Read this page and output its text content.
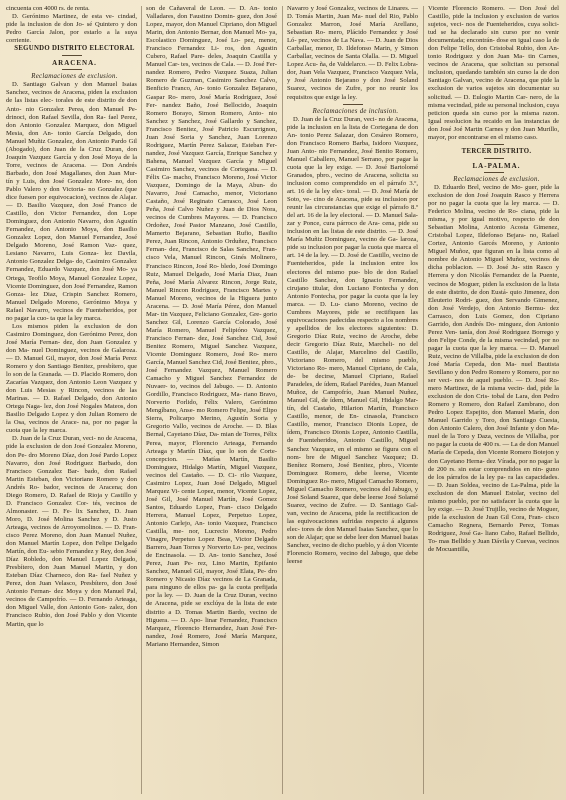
cincuenta con 4000 rs. de renta.

D. Gerónimo Martinez, de esta ve- cindad, pide la inclusion de don Jo- sé Quintero y don Pedro García Jalon, por estarlo a la suya corriente.

SEGUNDO DISTRITO ELECTORAL

ARACENA.

Reclamaciones de exclusion.

D. Santiago Galvan y don Manuel Isaias Sanchez, vecinos de Aracena, piden la exclusion de las listas elec- torales de este distrito de don Anto- nio Gonzalez Perea, don Manuel Pe- drinoci, don Rafael Sevilla, don Ra- fael Perez, don Antonio Gonzalez Marquez, don Miguel Mesia, don An- tonio García Delgado, don Manuel Muñiz Gonzalez, don Antonio Pardo Gil (Abogado), don Juan de la Cruz Duran, don Joaquin Vazquez García y don José Moya de la Torre, vecinos de Aracena. — Don Andrés Barbado, don José Magallanes, don Juan Mur- tín y Luis, don José Gonzalez More- no, don Pablo Valero y don Victoria- no Gonzalez (que dice fuesen por equivocacion), vecinos de Alajar. — D. Basilio Vazquez, don José Franco de Castillo, don Victor Fernandez, don Lope Dominguez, don Antonio Navarro, don Agustín Fernandez, don Antonio Moya, don Basilio Gonzalez Lopez, don Manuel Fernandez, José Delgado Moreno, José Ramon Vaz- quez, Lesiano Navarro, Luis Gonza- lez Davila, Antonio Gonzalez Delga- do, Casimiro Gonzalez Fernandez, Eduardo Vazquez, don José Mo- ya Ortega, Teofilo Moya, Manuel Gonzalez Lopez, Vicente Dominguez, don José Fernandez, Ramon Gonza- lez Diaz, Crispin Sanchez Romero, Manuel Delgado Moreno, Gerónimo Moya y Rafael Navarro, vecinos de Fuenteheridos, por no pagar la cuo- ta que la ley marca.

Los mismos piden la exclusion de don Casimiro Dominguez, don Gerónimo Perez, don José María Fernan- dez, don Juan Gonzalez y don Ma- nuel Dominguez, vecinos de Galaroza. — D. Manuel Gil, mayor, don José María Perez Romero y don Santiago Benitez, presbítero, que lo son de la Granada. — D. Placido Romero, don Zacarías Vazquez, don Antonio Leon Vazquez y don Luis Mesias y Rincon, vecinos de las Marinas. — D. Rafael Delgado, don Antonio Ortega Naga- lez, don José Nogales Mateos, don Basilio Delgado Lopez y don Julian Romero de la Osa, vecinos de Arace- na, por no pagar la cuota que la ley marca.

D. Juan de la Cruz Duran, veci- no de Aracena, pide la exclusion de don José Gonzalez Moreno, don Pe- dro Moreno Díaz, don José Pardo Lopez Navarro, don José Rodriguez Barbado, don Francisco Gonzalez Bar- bado, don Rafael Martin Esteban, don Victoriano Romero y don Andrés Ro- bador, vecinos de Aracena; don Diego Romero, D. Rafael de Rioja y Castillo y D. Francisco Gonzalez Cor- tés, vecinos de Almonaster. — D. Fe- lix Sanchez, D. Juan Moro, D. José Molina Sanchez y D. Justo Arteaga, vecinos de Arroyomolinos. — D. Fran- cisco Perez Moreno, don Juan Manuel Nuñez, don Manuel Martín Lopez, don Felipe Delgado Martín, don Eu- sebio Fernandez y Rey, don José Díaz Robledo, don Manuel Lopez Delgado, Presbítero, don Juan Manuel Martin, y don Esteban Díaz Charneco, don Ra- fael Nuñez y Perez, don Juan Velasco, Presbítero, don José Antonio Fernan- dez Moya y don Manuel Pal, vecinos de Campofrío. — D. Fernando Arteaga, don Miguel Valle, don Antonio Gon- zalez, don Francisco Rubio, don José Pablo y don Vicente Martin, que lo

son de Cañaveral de Leon. — D. An- tonio Valladares, don Faustino Domin- guez, don José Lopez, mayor, don Manuel Cipriano, don Miguel Marin, don Antonio Bernar, don Manuel Mo- ya, Escolastico Dominguez, José Lo- pez, menor, Francisco Fernandez Li- ros, don Agustin Cubero, Rafael Pare- deles, Joaquin Castilla y Manuel Car- tes, vecinos de Cala. — D. José Fer- nandez Romero, Pedro Vazquez Suaza, Julian Romero de Guzman, Casimiro Sanchez Calvo, Benficio Franco, An- tonio Gonzalez Bejarano, Gaspar Ro- mero, José María Rodriguez, José Fer- nandez Baño, José Bellocido, Joaquin Romero Borayo, Simon Romero, Anto- nio Sanchez y Sanchez, José Gallardo y Sanchez, Francisco Benitez, José Patricio Escurrignon, Juan José Soria y Sanchez, Juan Lorenzo Rodriguez, Martín Perez Salazar, Esteban Fer- nandez, José Vazquez García, Enrique Sanchez y Bahena, Manuel Vazquez García y Miguel Casimiro Sanchez, vecinos de Cortegana. — D. Félix Ca- macho, Francisco Moreno, José Victor Vazquez, Domingo de la Maya, Abun- do Navarro, José Camacho, menor, Victoriano Castaño, José Reginato Carrasco, José Leon Peña, José Calvo Nuñez y Juan de Dios Nora, vecinos de Cumbres Mayores. — D. Francisco Ordoñez, José Pastor Manzano, José Castillo, Mamerto Bejarano, Sebastian Rufio, Basilio Perez, Juan Rincon, Antonio Orduñez, Francisco Fernan- dez, Francisco de Salas Sanchez, Fran- cisco Vela, Manuel Rincon, Ginés Molinero, Francisco Rincon, José Ro- bledo, José Domingo Ruiz, Manuel Delgado, José María Diaz, Juan Peña, José María Alvarez Rincon, Jorge Ruiz, Manuel Rincon Rodriguez, Francisco Martes y Manuel Moreno, vecinos de la Higuera junto Aracena. — D. José María Pérez, don Manuel Mar- tin Vazquez, Feliciano Gonzalez, Gre- gorio Sanchez Gil, Lorenzo García Colorado, José María Romero, Manuel Felipióno Vazquez, Francisco Fernan- dez, José Sanchez Cid, José Benitez Romero, Miguel Sanchez Vazquez, Vicente Dominguez Romero, José Ro- mero García, Manuel Sanchez Cid, José Benitez, pbro., José Fernandez Vazquez, Manuel Romero Camacho y Miguel Sanchez Fernandez de Nuvaer- to, vecinos del Jabugo. — D. Antonio Gordillo, Francisco Rodriguez, Ma- riano Bravo, Norverto Forlido, Félix Valero, Gerónimo Mengíbano, Anse- mo Romero Felipe, José Elipo Sierra, Policarpo Merino, Agustín Soria y Gregorio Vallo, vecinos de Aroche. — D. Blas Bernal, Cayetano Díaz, Da- mian de Torres, Félix Perea, mayor, Florencio Arteaga, Fernando Arteaga y Martín Díaz, que lo son de Corte- concepcion. — Matías Martín, Basilio Dominguez, Hidalgo Martín, Miguel Vazquez, vecinos del Castaño. — D. Ci- rilo Vazquez, Casimiro Lopez, Juan José Delgado, Miguel Marquez Vi- cente Lopez, menor, Vicente Lopez, José Gil, José Manuel Martín, José Gomez Santos, Eduardo Lopez, Fran- cisco Delgado Herrera, Manuel Lopez, Perpetuo Lopez, Antonio Carlejo, An- tonio Vazquez, Francisco Castilla, me- nor, Lucrecio Moreno, Pedro Vinagre, Perpetuo Lopez Beas, Victor Delgado Barrero, Juan Torres y Norverto Lo- pez, vecinos de Encinasola. — D. An- tonio Sanchez, José Perez, Juan Pe- rez, Lino Martin, Epifanio Sanchez, Manuel Gil, mayor, José Elata, Pe- dro Romero y Nicasio Díaz vecinos de La Granada, para ninguno de ellos pa- ga la cuota prefijada por la ley. — D. Juan de la Cruz Duran, vecino de Aracena, pide se exclúya de la lista de este distrito a D. Tomas Martin Bardo, vecino de Higuera. — D. Apo- linar Fernandez, Francisco Marquez, Florencio Hernandez, Juan José Fer- nandez, José Romero, José María Marquez, Mariano Hernandez, Simon

Navarro y José Gonzalez, vecinos de Linares. — D. Tomás Martin, Juan Ma- nuel del Rio, Pablo Gonzalez Marron, José María Arellano, Sebastian Ro- mero, Plácido Fernandez y José Ló- pez, vecinos de La Nava. — D. Juan de Dios Carballar, menor, D. Ildefonso Marin, y Simon Carballar, vecinos de Santa Olalla. — D. Miguel Lopez Acu- ña, de Valdelarco. — D. Felix Lobra- dor, Juan Vela Vazquez, Francisco Vazquez Vela, y José Antonio Bejarano y don José Soland Suarez, vecinos de Zufre, por no reunir los requisitos que exige la ley.

Reclamaciones de inclusion.

D. Juan de la Cruz Duran, veci- no de Aracena, pide la inclusion en la lista de Cortegana de don An- tonio Perez Salazar, don Cesáreo Romero, don Francisco Romero Barba, Isidoro Vazquez, Juan Anto- nio Fernandez, José Benito Romero, Manuel Caballero, Manuel Serrano, por pagar la cuota que la ley exige. — D. José Bartolomé Granados, pbro., vecino de Aracena, solicita su inclusion como comprendido en el párrafo 3.º, art. 16 de la ley elec- toral. — D. José María de Soto, ve- cino de Aracena, pide su inclusion por reunir las circunstancias que exige el párrafo 8.º del art. 16 de la ley electoral. — D. Manuel Sala- zar y Ponce, cura párroco de Ara- cena, pide su inclusion en las listas de este distrito. — D. José María Muñiz Dominguez, vecino de Ga- laroza, pide su inclusion por pagar la cuota que marca el art. 14 de la ley. — D. José de Castillo, vecino de Fuenteheridos, pide la inclusion entre los electores del mismo pue- blo de don Rafael Castillo Sanchez, don Ignacio Fernandez, cirujano titular, don Luciano Fontecha y don Antonio Fontecha, por pagar la cuota que la ley marca. — D. Lu- ciano Moreno, vecino de Cumbres Mayores, pide se rectifiquen las equivocaciones padecidas respecto a los nombres y apellidos de los electores siguientes: D. Gregorio Díaz Ruiz, vecino de Aroche, debe decir Gregorio Díaz Ruiz, Marcheli- no del Castillo, de Alajar, Marcelino del Castillo, Victoriano Romero, del mismo pueblo, Victoriano Ro- mero, Manuel Cipriano, de Cala, de- be decirse, Manuel Cipriano, Rafael Paradeles, de ídem, Rafael Parédes, Juan Manuel Muñoz, de Campofrío, Juan Manuel Nuñez, Manuel Gil, de ídem, Manuel Gil, Hidalgo Mar- tín, del Castaño, Hilarion Martín, Francisco Castillo, menor, de En- cinasola, Francisco Castillo, menor, Francisco Dionis Lopez, de ídem, Francisco Dionis Lopez, Antonio Castilla, de Fuenteheridos, Antonio Castillo, Miguel Sanchez Vazquez, en el mismo se figura con el nom- bre de Miguel Sanchez Vazquez; D. Benítez Romero, José Benitez, pbro., Vicente Dominguez Romero, debe leerse, Vicente Dominguez Ro- mero, Miguel Camacho Romero, Miguel Camacho Romero, vecinos del Jabugo, y José Soland Suarez, que debe leerse José Solamé Suarez, vecino de Zufre. — D. Santiago Gal- van, vecino de Aracena, pide la rectificacion de las equivocaciones sufridas respecto á algunos elec- tores de don Manuel Isaias Sanchez, que lo son de Alajar; que se debe leer don Manuel Isaias Sanchez, vecino de dicho pueblo, y á don Vicente Florencio Romero, vecino del Jabugo, que debe leerse

Vicente Florencio Romero. — Don José del Castillo, pide la inclusion y exclusion de varios sujetos, veci- nos de Fuenteheridos, cuya solici- tud se ha declarado sin curso por no venir documentada; encontrán- dose en igual caso la de don Felipe Tello, don Cristobal Rubio, don An- tonio Rodriguez y don Juan Ma- tin Carnes, vecinos de Aracena, que solicitan su personal inclusion, quedando también sin curso la de don Santiago Galvan, vecino de Aracena, que pide la exclusion de varios sujetos sin documentar su solicitud. — D. Eulogio Martin Car- nero, de la misma vecindad, pide su personal inclusion, cuya peticion queda sin curso por la misma razon. Igual resolucion ha recaido en las instancias de don José Joé Martin Carnes y don Juan Murillo, mayor, por encontrarse en el mismo caso.

TERCER DISTRITO.

LA-PALMA.

Reclamaciones de exclusion.

D. Eduardo Brel, vecino de Mo- guer, pide la exclusion de don José Joaquin Rasco y Herrera por no pagar la cuota que la ley marca. — D. Federico Molina, vecino de Ro- ciana, pide la misma, y por igual motivo, respecto de don Sebastian Molina, Antonio Acosta Gimenez, Cristobal Lopez, Ildefonso Bejara- no, Rafael Cortez, Antonio Garcés Moreno, y Antonio Miguel Muñoz, que figuran en la lista como al nombre de Antonio Miguel Muñoz, vecinos de dicha poblacion. — D. José Ju- stin Rasco y Herrera y don Nicolás Fernandez de la Puente, vecinos de Moguer, piden la exclusion de la lista de este distrito, de don Eustá- quio Jimenez, don Eleuterio Rodri- guez, don Servando Gimenez, don José Verdejo, don Antonio Bermu- dez Carrasco, don Luis Gomez, don Cipriano Garrido, don Andrés Do- minguez, don Antonio Perez Ven- tanía, don José Rodriguez Borrego y don Felipe Conde, de la misma vecindad, por no pagar la cuota que la ley marca. — D. Manuel Ruiz, vecino de Villalba, pide la exclusion de don José María Cepeda, don Ma- nuel Bautista Sevillano y don Pedro Romero y Romero, por no ser veci- nos de aquel pueblo. — D. José Ro- mero Martinez, de la misma vecin- dad, pide la exclusion de don Cris- tobal de Lara, don Pedro Romero y Romero, don Rafael Zambrano, don Pedro Lopez Espejito, don Manuel Marín, don Manuel Garrido y Toro, don Santiago Cuesta, don Antonio Calero, don José Infante y don Ma- nuel de la Toro y Daza, vecinos de Villalba, por no pagar la cuota de 400 rs. — La de don Manuel María de Cepeda, don Vicente Romero Botejon y don Cayetano Herna- dez Vírada, por no pagar la de 200 rs. sin estar comprendidos en nin- guno de los párrafos de la ley pa- ra las capacidades. — D. Juan Soldea, vecino de La-Palma, pide la exclusion de don Manuel Estolar, vecino del mismo pueblo, por no satisfacer la cuota que la ley exige. — D. José Trujillo, vecino de Moguer, pide la exclusion de Juan Gil Cora, Fran- cisco Camacho Regnera, Bernardo Perez, Tomas Rodriguez, José Ga- liano Cabo, Rafael Bellido, To- mas Bellido y Juan Dávila y Cuevas, vecinos de Mocuantilla,
